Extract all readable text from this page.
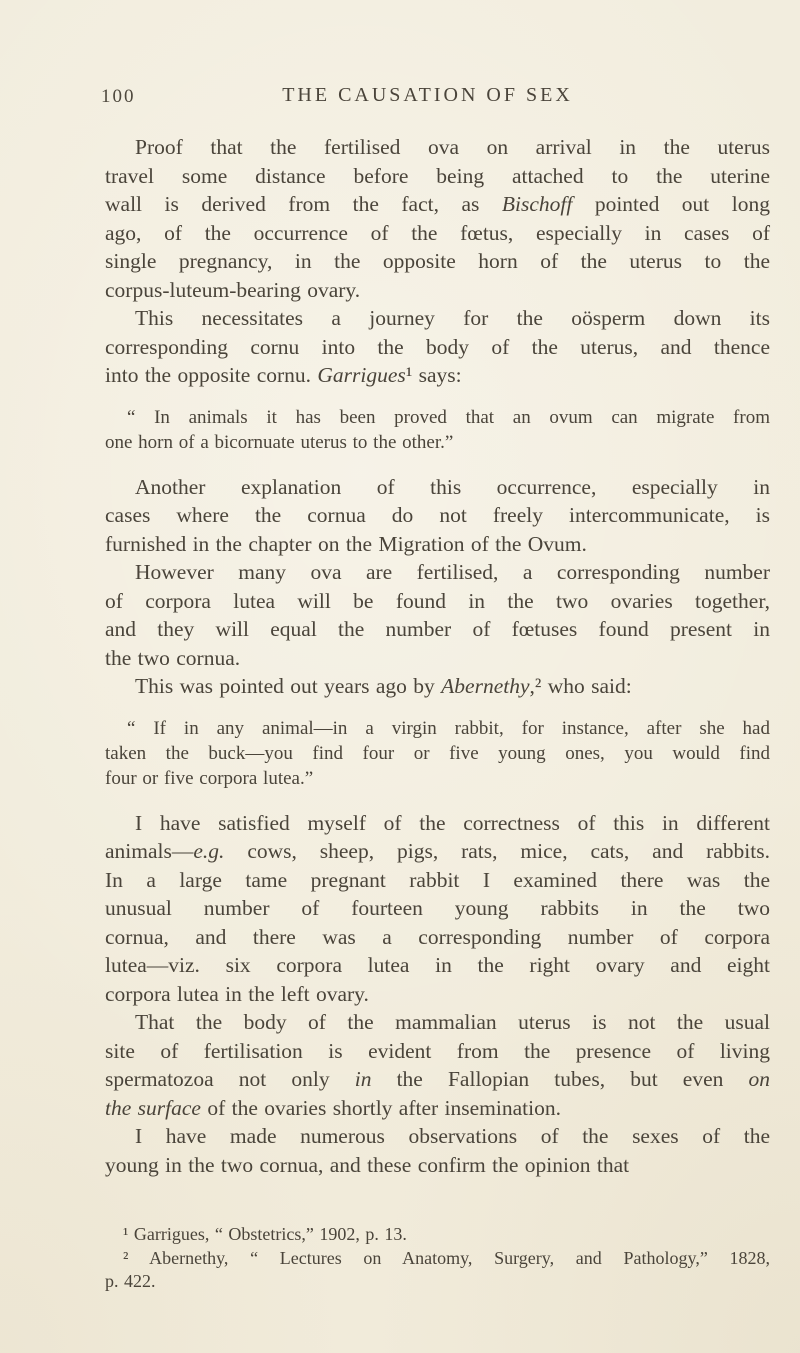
100	THE CAUSATION OF SEX

Proof that the fertilised ova on arrival in the uterus
travel some distance before being attached to the uterine
wall is derived from the fact, as Bischoff pointed out long
ago, of the occurrence of the fœtus, especially in cases of
single pregnancy, in the opposite horn of the uterus to the
corpus-luteum-bearing ovary.

This necessitates a journey for the oösperm down its
corresponding cornu into the body of the uterus, and thence
into the opposite cornu. Garrigues¹ says:

“ In animals it has been proved that an ovum can migrate from
one horn of a bicornuate uterus to the other.”

Another explanation of this occurrence, especially in
cases where the cornua do not freely intercommunicate, is
furnished in the chapter on the Migration of the Ovum.

However many ova are fertilised, a corresponding number
of corpora lutea will be found in the two ovaries together,
and they will equal the number of fœtuses found present in
the two cornua.

This was pointed out years ago by Abernethy,² who said:

“ If in any animal—in a virgin rabbit, for instance, after she had
taken the buck—you find four or five young ones, you would find
four or five corpora lutea.”

I have satisfied myself of the correctness of this in different
animals—e.g. cows, sheep, pigs, rats, mice, cats, and rabbits.
In a large tame pregnant rabbit I examined there was the
unusual number of fourteen young rabbits in the two
cornua, and there was a corresponding number of corpora
lutea—viz. six corpora lutea in the right ovary and eight
corpora lutea in the left ovary.

That the body of the mammalian uterus is not the usual
site of fertilisation is evident from the presence of living
spermatozoa not only in the Fallopian tubes, but even on
the surface of the ovaries shortly after insemination.

I have made numerous observations of the sexes of the
young in the two cornua, and these confirm the opinion that

¹ Garrigues, “ Obstetrics,” 1902, p. 13.

² Abernethy, “ Lectures on Anatomy, Surgery, and Pathology,” 1828,
p. 422.
